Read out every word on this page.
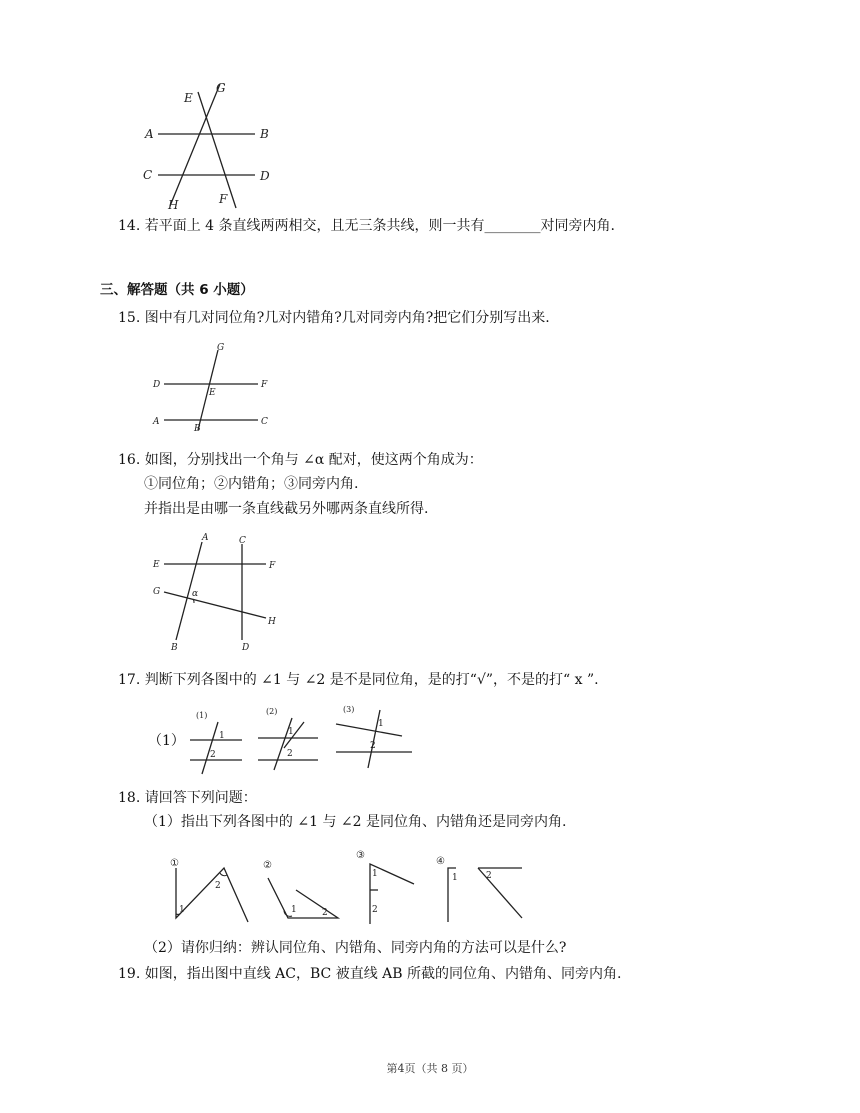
E
G
A	B
C	D
H	F
14. 若平面上 4 条直线两两相交，且无三条共线，则一共有________对同旁内角.
三、解答题（共 6 小题）
15. 图中有几对同位角?几对内错角?几对同旁内角?把它们分别写出来.
G
D	F
E
A	C
B
16. 如图，分别找出一个角与 ∠α 配对，使这两个角成为：
①同位角；②内错角；③同旁内角.
并指出是由哪一条直线截另外哪两条直线所得.
A	C
E	F
G	α
H
B	D
17. 判断下列各图中的 ∠1 与 ∠2 是不是同位角，是的打“√”，不是的打“ x ”.
（1）
(1)
1
2
(2)
1
2
(3)
1
2
18. 请回答下列问题：
（1）指出下列各图中的 ∠1 与 ∠2 是同位角、内错角还是同旁内角.
①
1
2
②
1	2
③
1
2
④
1	2
（2）请你归纳：辨认同位角、内错角、同旁内角的方法可以是什么?
19. 如图，指出图中直线 AC，BC 被直线 AB 所截的同位角、内错角、同旁内角.
第4页（共 8 页）
